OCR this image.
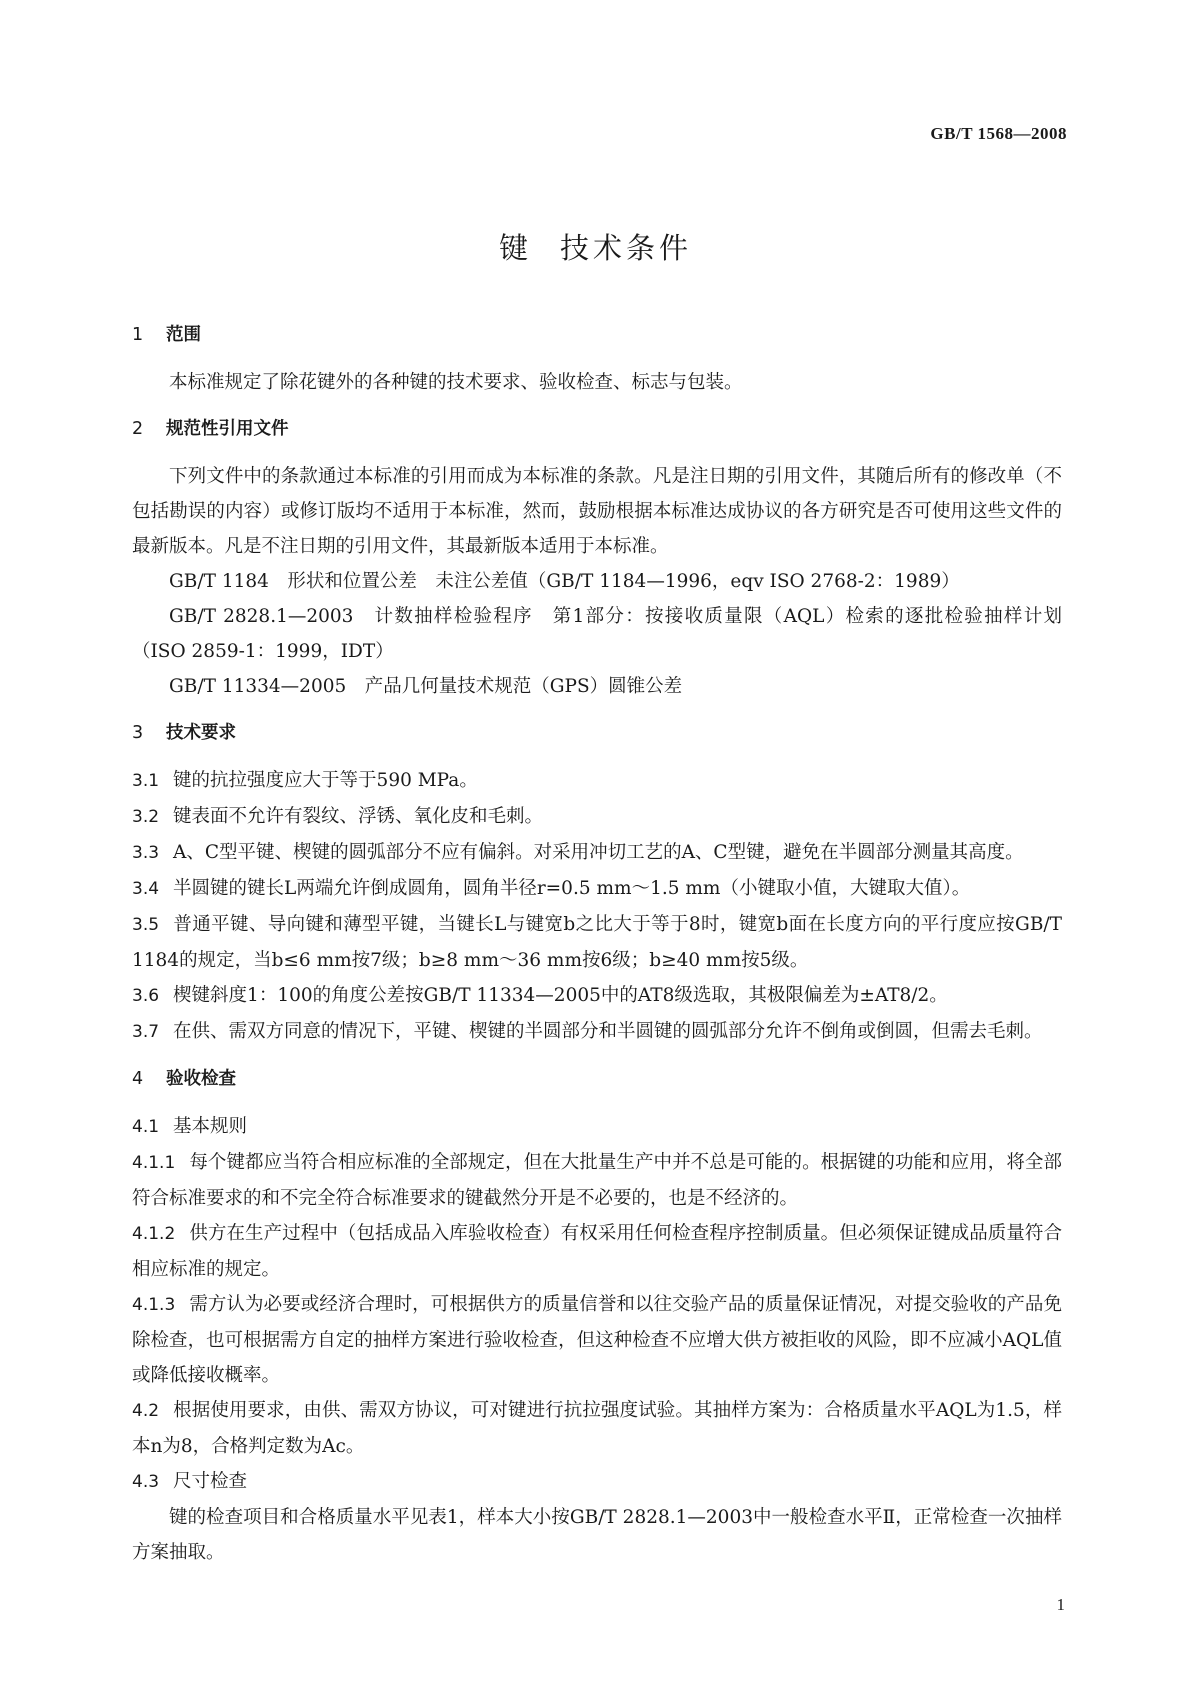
GB/T 1568—2008
键 技术条件

1 范围

本标准规定了除花键外的各种键的技术要求、验收检查、标志与包装。

2 规范性引用文件

下列文件中的条款通过本标准的引用而成为本标准的条款。凡是注日期的引用文件，其随后所有的修改单（不包括勘误的内容）或修订版均不适用于本标准，然而，鼓励根据本标准达成协议的各方研究是否可使用这些文件的最新版本。凡是不注日期的引用文件，其最新版本适用于本标准。

GB/T 1184　形状和位置公差　未注公差值（GB/T 1184—1996，eqv ISO 2768-2：1989）

GB/T 2828.1—2003　计数抽样检验程序　第1部分：按接收质量限（AQL）检索的逐批检验抽样计划（ISO 2859-1：1999，IDT）

GB/T 11334—2005　产品几何量技术规范（GPS）圆锥公差

3 技术要求

3.1 键的抗拉强度应大于等于590 MPa。

3.2 键表面不允许有裂纹、浮锈、氧化皮和毛刺。

3.3 A、C型平键、楔键的圆弧部分不应有偏斜。对采用冲切工艺的A、C型键，避免在半圆部分测量其高度。

3.4 半圆键的键长L两端允许倒成圆角，圆角半径r=0.5 mm～1.5 mm（小键取小值，大键取大值）。

3.5 普通平键、导向键和薄型平键，当键长L与键宽b之比大于等于8时，键宽b面在长度方向的平行度应按GB/T 1184的规定，当b≤6 mm按7级；b≥8 mm～36 mm按6级；b≥40 mm按5级。

3.6 楔键斜度1：100的角度公差按GB/T 11334—2005中的AT8级选取，其极限偏差为±AT8/2。

3.7 在供、需双方同意的情况下，平键、楔键的半圆部分和半圆键的圆弧部分允许不倒角或倒圆，但需去毛刺。

4 验收检查

4.1 基本规则

4.1.1 每个键都应当符合相应标准的全部规定，但在大批量生产中并不总是可能的。根据键的功能和应用，将全部符合标准要求的和不完全符合标准要求的键截然分开是不必要的，也是不经济的。

4.1.2 供方在生产过程中（包括成品入库验收检查）有权采用任何检查程序控制质量。但必须保证键成品质量符合相应标准的规定。

4.1.3 需方认为必要或经济合理时，可根据供方的质量信誉和以往交验产品的质量保证情况，对提交验收的产品免除检查，也可根据需方自定的抽样方案进行验收检查，但这种检查不应增大供方被拒收的风险，即不应减小AQL值或降低接收概率。

4.2 根据使用要求，由供、需双方协议，可对键进行抗拉强度试验。其抽样方案为：合格质量水平AQL为1.5，样本n为8，合格判定数为Ac。

4.3 尺寸检查

键的检查项目和合格质量水平见表1，样本大小按GB/T 2828.1—2003中一般检查水平Ⅱ，正常检查一次抽样方案抽取。

1
